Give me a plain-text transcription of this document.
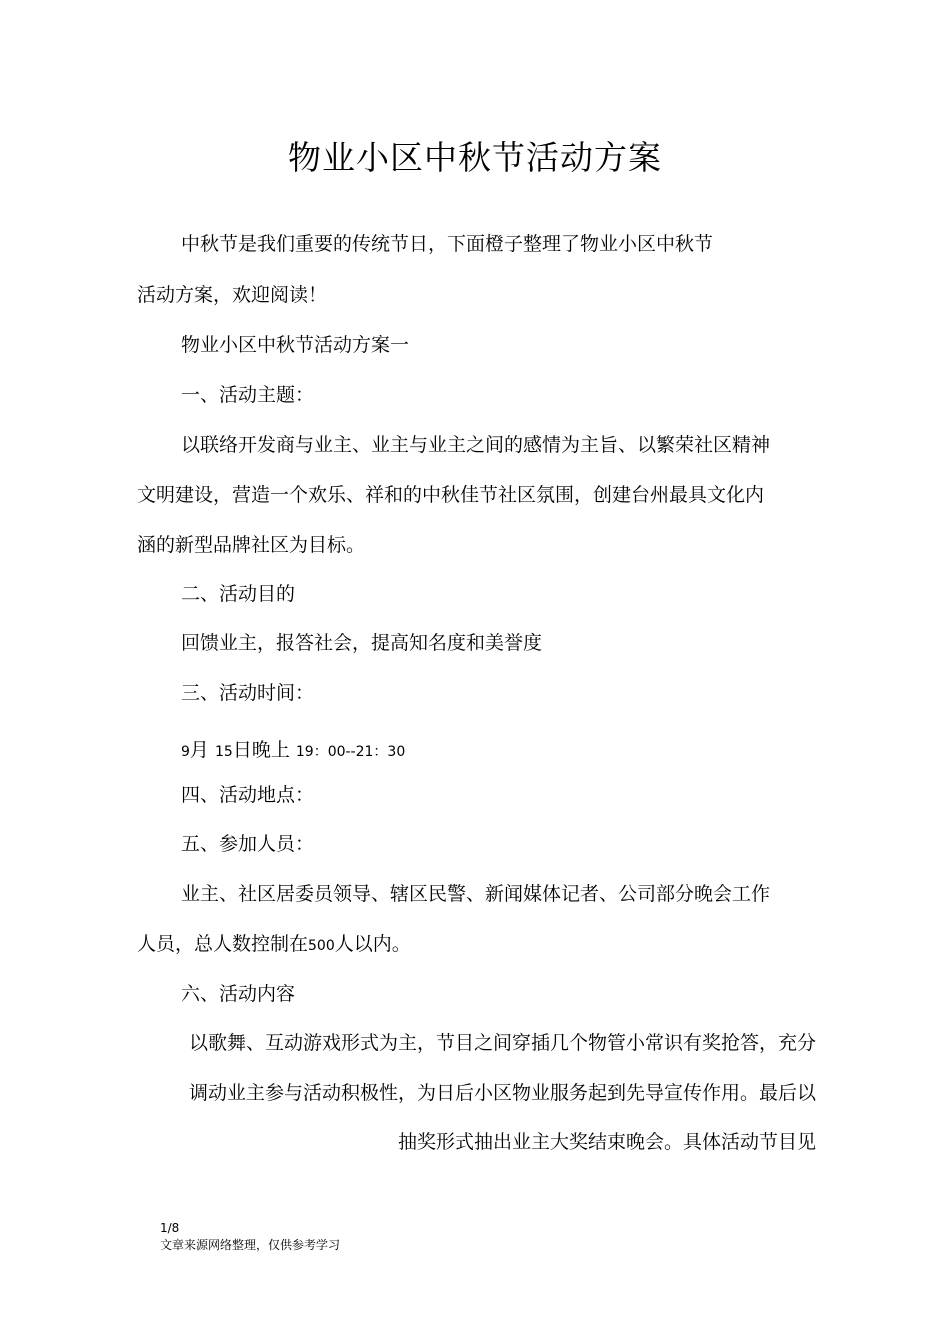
物业小区中秋节活动方案
中秋节是我们重要的传统节日，下面橙子整理了物业小区中秋节
活动方案，欢迎阅读！
物业小区中秋节活动方案一
一、活动主题：
以联络开发商与业主、业主与业主之间的感情为主旨、以繁荣社区精神
文明建设，营造一个欢乐、祥和的中秋佳节社区氛围，创建台州最具文化内
涵的新型品牌社区为目标。
二、活动目的
回馈业主，报答社会，提高知名度和美誉度
三、活动时间：
9月 15日晚上 19：00--21：30
四、活动地点：
五、参加人员：
业主、社区居委员领导、辖区民警、新闻媒体记者、公司部分晚会工作
人员，总人数控制在500人以内。
六、活动内容
以歌舞、互动游戏形式为主，节目之间穿插几个物管小常识有奖抢答，充分
调动业主参与活动积极性，为日后小区物业服务起到先导宣传作用。最后以
抽奖形式抽出业主大奖结束晚会。具体活动节目见
1/8
文章来源网络整理，仅供参考学习
